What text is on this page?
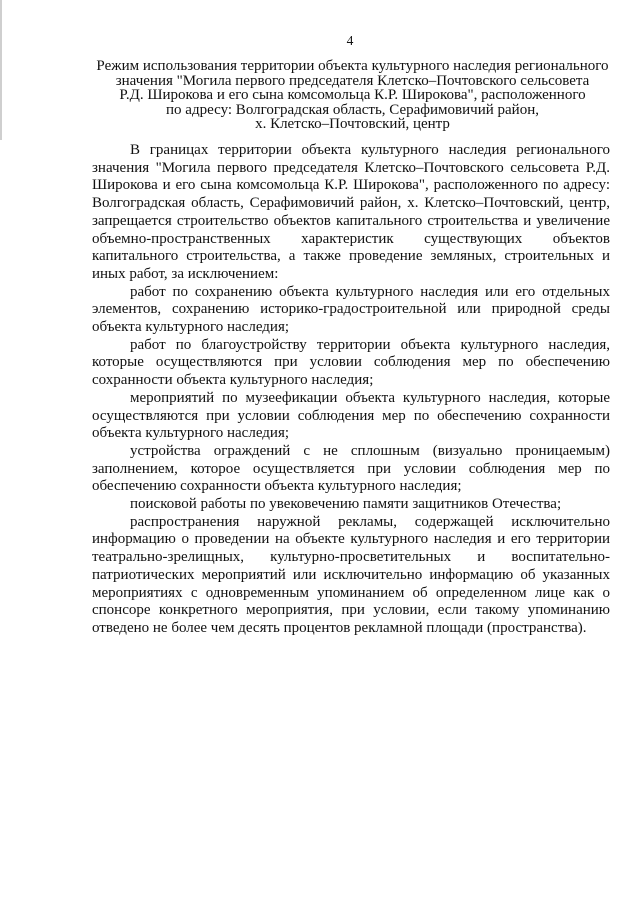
4
Режим использования территории объекта культурного наследия регионального
значения "Могила первого председателя Клетско–Почтовского сельсовета
Р.Д. Широкова и его сына комсомольца К.Р. Широкова", расположенного
по адресу: Волгоградская область, Серафимовичий район,
х. Клетско–Почтовский, центр

В границах территории объекта культурного наследия регионального значения "Могила первого председателя Клетско–Почтовского сельсовета Р.Д. Широкова и его сына комсомольца К.Р. Широкова", расположенного по адресу: Волгоградская область, Серафимовичий район, х. Клетско–Почтовский, центр, запрещается строительство объектов капитального строительства и увеличение объемно-пространственных характеристик существующих объектов капитального строительства, а также проведение земляных, строительных и иных работ, за исключением:

работ по сохранению объекта культурного наследия или его отдельных элементов, сохранению историко-градостроительной или природной среды объекта культурного наследия;

работ по благоустройству территории объекта культурного наследия, которые осуществляются при условии соблюдения мер по обеспечению сохранности объекта культурного наследия;

мероприятий по музеефикации объекта культурного наследия, которые осуществляются при условии соблюдения мер по обеспечению сохранности объекта культурного наследия;

устройства ограждений с не сплошным (визуально проницаемым) заполнением, которое осуществляется при условии соблюдения мер по обеспечению сохранности объекта культурного наследия;

поисковой работы по увековечению памяти защитников Отечества;

распространения наружной рекламы, содержащей исключительно информацию о проведении на объекте культурного наследия и его территории театрально-зрелищных, культурно-просветительных и воспитательно-патриотических мероприятий или исключительно информацию об указанных мероприятиях с одновременным упоминанием об определенном лице как о спонсоре конкретного мероприятия, при условии, если такому упоминанию отведено не более чем десять процентов рекламной площади (пространства).
